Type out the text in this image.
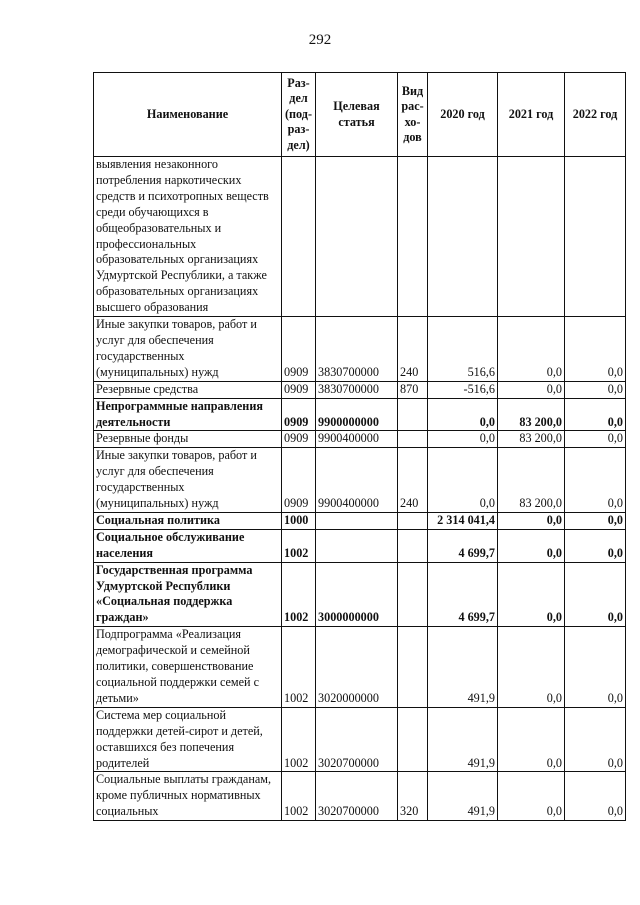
292
Наименование	Раз-
дел
(под-
раз-
дел)	Целевая
статья	Вид
рас-
хо-
дов	2020 год	2021 год	2022 год
выявления незаконного потребления наркотических средств и психотропных веществ среди обучающихся в общеобразовательных и профессиональных образовательных организациях Удмуртской Республики, а также образовательных организациях высшего образования						
Иные закупки товаров, работ и услуг для обеспечения государственных (муниципальных) нужд	0909	3830700000	240	516,6	0,0	0,0
Резервные средства	0909	3830700000	870	-516,6	0,0	0,0
Непрограммные направления деятельности	0909	9900000000		0,0	83 200,0	0,0
Резервные фонды	0909	9900400000		0,0	83 200,0	0,0
Иные закупки товаров, работ и услуг для обеспечения государственных (муниципальных) нужд	0909	9900400000	240	0,0	83 200,0	0,0
Социальная политика	1000			2 314 041,4	0,0	0,0
Социальное обслуживание населения	1002			4 699,7	0,0	0,0
Государственная программа Удмуртской Республики «Социальная поддержка граждан»	1002	3000000000		4 699,7	0,0	0,0
Подпрограмма «Реализация демографической и семейной политики, совершенствование социальной поддержки семей с детьми»	1002	3020000000		491,9	0,0	0,0
Система мер социальной поддержки детей-сирот и детей, оставшихся без попечения родителей	1002	3020700000		491,9	0,0	0,0
Социальные выплаты гражданам, кроме публичных нормативных социальных	1002	3020700000	320	491,9	0,0	0,0
